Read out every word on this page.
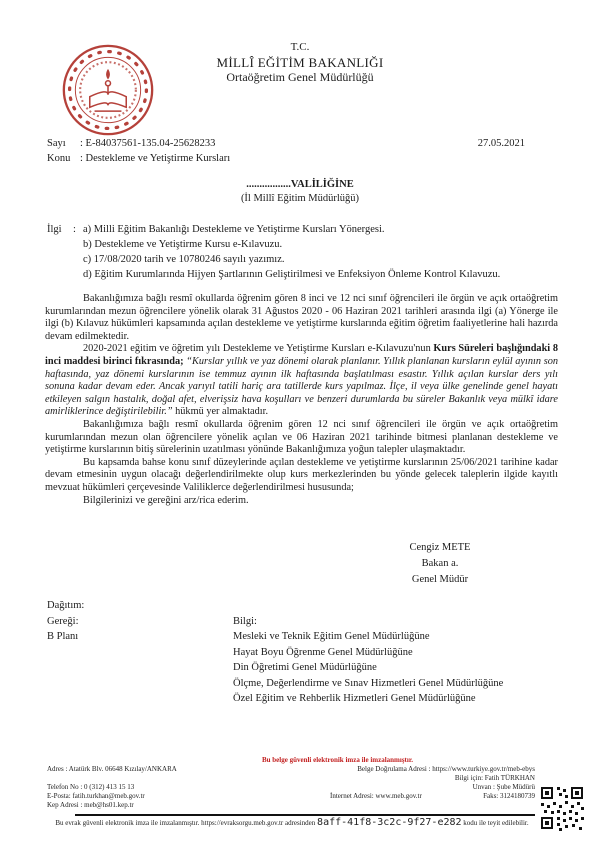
T.C.
MİLLÎ EĞİTİM BAKANLIĞI
Ortaöğretim Genel Müdürlüğü
Sayı	: E-84037561-135.04-25628233	27.05.2021
Konu : Destekleme ve Yetiştirme Kursları
.................VALİLİĞİNE
(İl Millî Eğitim Müdürlüğü)
İlgi	: a) Milli Eğitim Bakanlığı Destekleme ve Yetiştirme Kursları Yönergesi.
b) Destekleme ve Yetiştirme Kursu e-Kılavuzu.
c) 17/08/2020 tarih ve 10780246 sayılı yazımız.
d) Eğitim Kurumlarında Hijyen Şartlarının Geliştirilmesi ve Enfeksiyon Önleme Kontrol Kılavuzu.

Bakanlığımıza bağlı resmî okullarda öğrenim gören 8 inci ve 12 nci sınıf öğrencileri ile örgün ve açık ortaöğretim kurumlarından mezun öğrencilere yönelik olarak 31 Ağustos 2020 - 06 Haziran 2021 tarihleri arasında ilgi (a) Yönerge ile ilgi (b) Kılavuz hükümleri kapsamında açılan destekleme ve yetiştirme kurslarında eğitim öğretim faaliyetlerine hali hazırda devam edilmektedir.

2020-2021 eğitim ve öğretim yılı Destekleme ve Yetiştirme Kursları e-Kılavuzu'nun Kurs Süreleri başlığındaki 8 inci maddesi birinci fıkrasında; “Kurslar yıllık ve yaz dönemi olarak planlanır. Yıllık planlanan kursların eylül ayının son haftasında, yaz dönemi kurslarının ise temmuz ayının ilk haftasında başlatılması esastır. Yıllık açılan kurslar ders yılı sonuna kadar devam eder. Ancak yarıyıl tatili hariç ara tatillerde kurs yapılmaz. İlçe, il veya ülke genelinde genel hayatı etkileyen salgın hastalık, doğal afet, elverişsiz hava koşulları ve benzeri durumlarda bu süreler Bakanlık veya mülkî idare amirliklerince değiştirilebilir.” hükmü yer almaktadır.

Bakanlığımıza bağlı resmî okullarda öğrenim gören 12 nci sınıf öğrencileri ile örgün ve açık ortaöğretim kurumlarından mezun olan öğrencilere yönelik açılan ve 06 Haziran 2021 tarihinde bitmesi planlanan destekleme ve yetiştirme kurslarının bitiş sürelerinin uzatılması yönünde Bakanlığımıza yoğun talepler ulaşmaktadır.

Bu kapsamda bahse konu sınıf düzeylerinde açılan destekleme ve yetiştirme kurslarının 25/06/2021 tarihine kadar devam etmesinin uygun olacağı değerlendirilmekte olup kurs merkezlerinden bu yönde gelecek taleplerin ilgide kayıtlı mevzuat hükümleri çerçevesinde Valiliklerce değerlendirilmesi hususunda;

Bilgilerinizi ve gereğini arz/rica ederim.

Cengiz METE
Bakan a.
Genel Müdür
Dağıtım:
Gereği:
B Planı
Bilgi:
Mesleki ve Teknik Eğitim Genel Müdürlüğüne
Hayat Boyu Öğrenme Genel Müdürlüğüne
Din Öğretimi Genel Müdürlüğüne
Ölçme, Değerlendirme ve Sınav Hizmetleri Genel Müdürlüğüne
Özel Eğitim ve Rehberlik Hizmetleri Genel Müdürlüğüne
Bu belge güvenli elektronik imza ile imzalanmıştır.
Adres : Atatürk Blv. 06648 Kızılay/ANKARA	Belge Doğrulama Adresi : https://www.turkiye.gov.tr/meb-ebys
Bilgi için: Fatih TÜRKHAN
Telefon No : 0 (312) 413 15 13	Unvan : Şube Müdürü
E-Posta: fatih.turkhan@meb.gov.tr	İnternet Adresi: www.meb.gov.tr	Faks: 3124180739
Kep Adresi : meb@hs01.kep.tr
Bu evrak güvenli elektronik imza ile imzalanmıştır. https://evraksorgu.meb.gov.tr adresinden 8aff-41f8-3c2c-9f27-e282 kodu ile teyit edilebilir.
